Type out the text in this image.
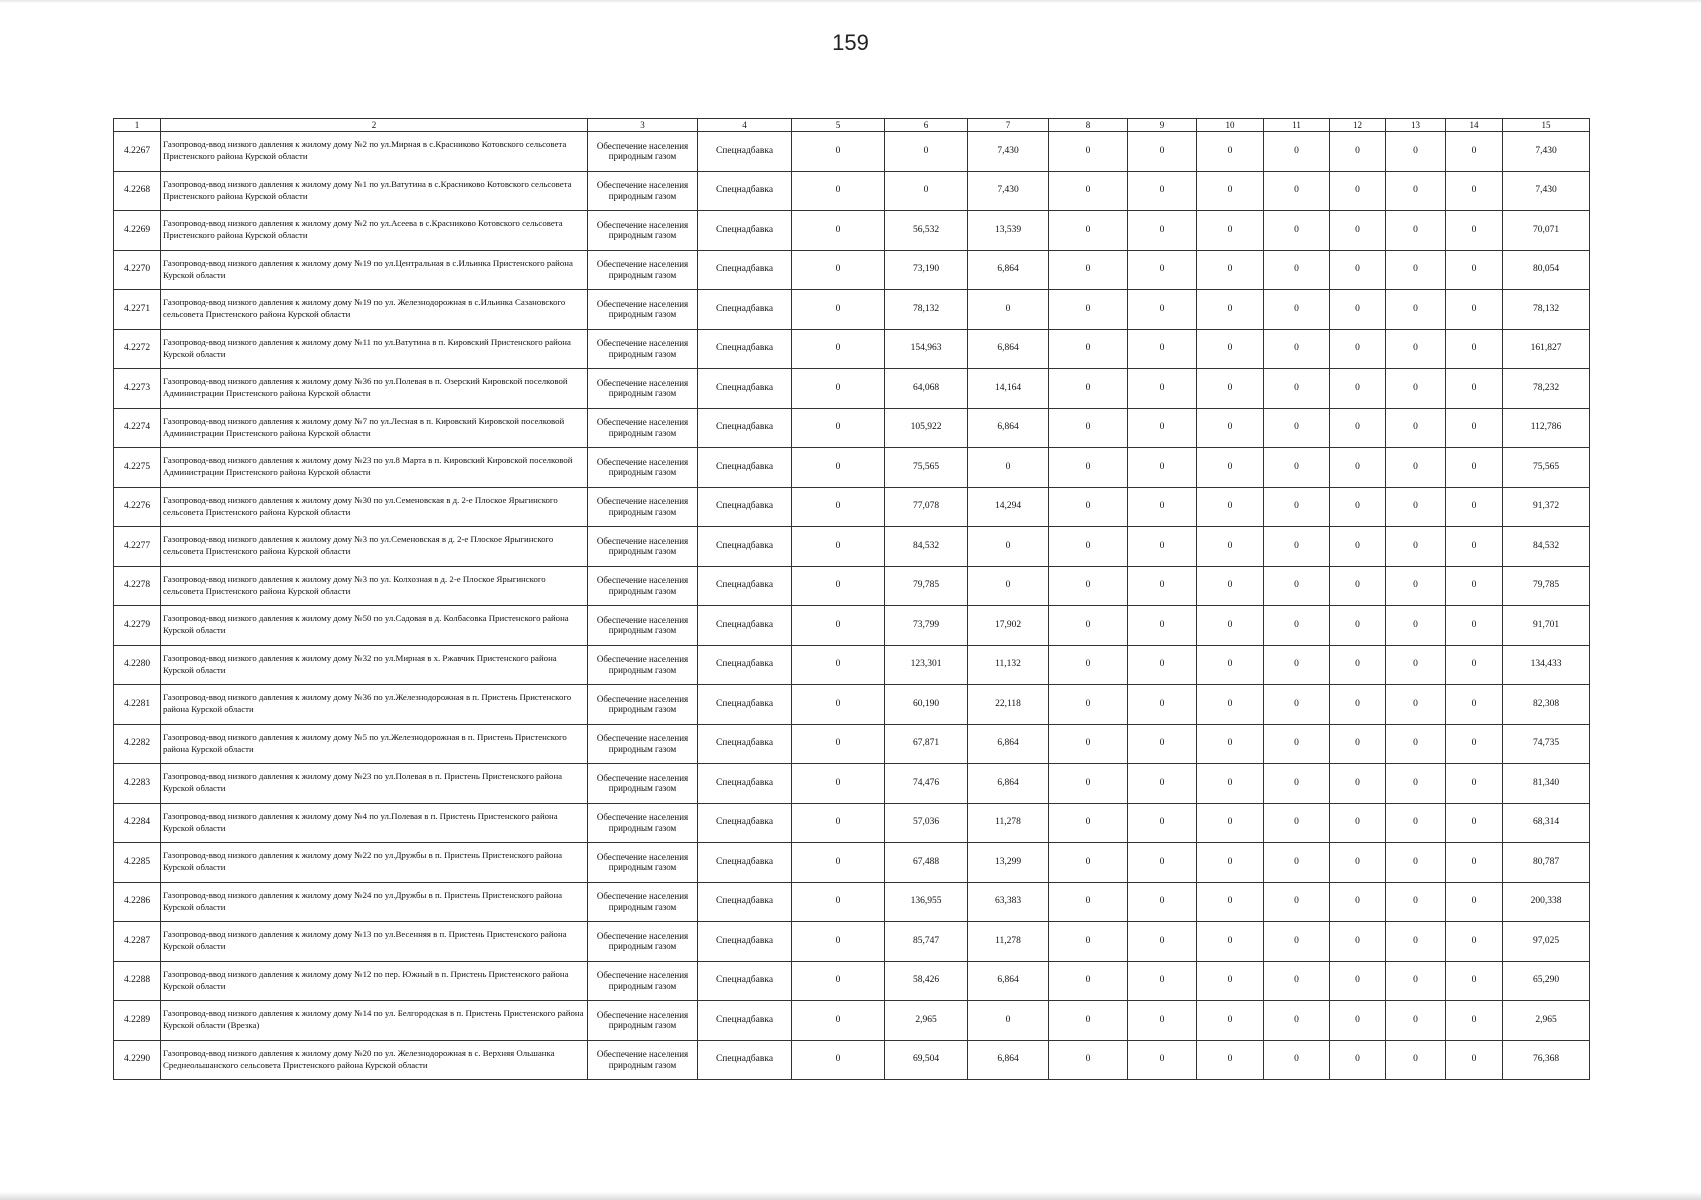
159
1	2	3	4	5	6	7	8	9	10	11	12	13	14	15
4.2267	Газопровод-ввод низкого давления к жилому дому №2 по ул.Мирная в с.Красниково Котовского сельсовета Пристенского района Курской области	Обеспечение населения природным газом	Спецнадбавка	0	0	7,430	0	0	0	0	0	0	0	7,430
4.2268	Газопровод-ввод низкого давления к жилому дому №1 по ул.Ватутина в с.Красниково Котовского сельсовета Пристенского района Курской области	Обеспечение населения природным газом	Спецнадбавка	0	0	7,430	0	0	0	0	0	0	0	7,430
4.2269	Газопровод-ввод низкого давления к жилому дому №2 по ул.Асеева в с.Красниково Котовского сельсовета Пристенского района Курской области	Обеспечение населения природным газом	Спецнадбавка	0	56,532	13,539	0	0	0	0	0	0	0	70,071
4.2270	Газопровод-ввод низкого давления к жилому дому №19 по ул.Центральная в с.Ильинка Пристенского района Курской области	Обеспечение населения природным газом	Спецнадбавка	0	73,190	6,864	0	0	0	0	0	0	0	80,054
4.2271	Газопровод-ввод низкого давления к жилому дому №19 по ул. Железнодорожная в с.Ильинка Сазановского сельсовета Пристенского района Курской области	Обеспечение населения природным газом	Спецнадбавка	0	78,132	0	0	0	0	0	0	0	0	78,132
4.2272	Газопровод-ввод низкого давления к жилому дому №11 по ул.Ватутина в п. Кировский Пристенского района Курской области	Обеспечение населения природным газом	Спецнадбавка	0	154,963	6,864	0	0	0	0	0	0	0	161,827
4.2273	Газопровод-ввод низкого давления к жилому дому №36 по ул.Полевая в п. Озерский Кировской поселковой Администрации Пристенского района Курской области	Обеспечение населения природным газом	Спецнадбавка	0	64,068	14,164	0	0	0	0	0	0	0	78,232
4.2274	Газопровод-ввод низкого давления к жилому дому №7 по ул.Лесная в п. Кировский Кировской поселковой Администрации Пристенского района Курской области	Обеспечение населения природным газом	Спецнадбавка	0	105,922	6,864	0	0	0	0	0	0	0	112,786
4.2275	Газопровод-ввод низкого давления к жилому дому №23 по ул.8 Марта в п. Кировский Кировской поселковой Администрации Пристенского района Курской области	Обеспечение населения природным газом	Спецнадбавка	0	75,565	0	0	0	0	0	0	0	0	75,565
4.2276	Газопровод-ввод низкого давления к жилому дому №30 по ул.Семеновская в д. 2-е Плоское Ярыгинского сельсовета Пристенского района Курской области	Обеспечение населения природным газом	Спецнадбавка	0	77,078	14,294	0	0	0	0	0	0	0	91,372
4.2277	Газопровод-ввод низкого давления к жилому дому №3 по ул.Семеновская в д. 2-е Плоское Ярыгинского сельсовета Пристенского района Курской области	Обеспечение населения природным газом	Спецнадбавка	0	84,532	0	0	0	0	0	0	0	0	84,532
4.2278	Газопровод-ввод низкого давления к жилому дому №3 по ул. Колхозная в д. 2-е Плоское Ярыгинского сельсовета Пристенского района Курской области	Обеспечение населения природным газом	Спецнадбавка	0	79,785	0	0	0	0	0	0	0	0	79,785
4.2279	Газопровод-ввод низкого давления к жилому дому №50 по ул.Садовая в д. Колбасовка Пристенского района Курской области	Обеспечение населения природным газом	Спецнадбавка	0	73,799	17,902	0	0	0	0	0	0	0	91,701
4.2280	Газопровод-ввод низкого давления к жилому дому №32 по ул.Мирная в х. Ржавчик Пристенского района Курской области	Обеспечение населения природным газом	Спецнадбавка	0	123,301	11,132	0	0	0	0	0	0	0	134,433
4.2281	Газопровод-ввод низкого давления к жилому дому №36 по ул.Железнодорожная в п. Пристень Пристенского района Курской области	Обеспечение населения природным газом	Спецнадбавка	0	60,190	22,118	0	0	0	0	0	0	0	82,308
4.2282	Газопровод-ввод низкого давления к жилому дому №5 по ул.Железнодорожная в п. Пристень Пристенского района Курской области	Обеспечение населения природным газом	Спецнадбавка	0	67,871	6,864	0	0	0	0	0	0	0	74,735
4.2283	Газопровод-ввод низкого давления к жилому дому №23 по ул.Полевая в п. Пристень Пристенского района Курской области	Обеспечение населения природным газом	Спецнадбавка	0	74,476	6,864	0	0	0	0	0	0	0	81,340
4.2284	Газопровод-ввод низкого давления к жилому дому №4 по ул.Полевая в п. Пристень Пристенского района Курской области	Обеспечение населения природным газом	Спецнадбавка	0	57,036	11,278	0	0	0	0	0	0	0	68,314
4.2285	Газопровод-ввод низкого давления к жилому дому №22 по ул.Дружбы в п. Пристень Пристенского района Курской области	Обеспечение населения природным газом	Спецнадбавка	0	67,488	13,299	0	0	0	0	0	0	0	80,787
4.2286	Газопровод-ввод низкого давления к жилому дому №24 по ул.Дружбы в п. Пристень Пристенского района Курской области	Обеспечение населения природным газом	Спецнадбавка	0	136,955	63,383	0	0	0	0	0	0	0	200,338
4.2287	Газопровод-ввод низкого давления к жилому дому №13 по ул.Весенняя в п. Пристень Пристенского района Курской области	Обеспечение населения природным газом	Спецнадбавка	0	85,747	11,278	0	0	0	0	0	0	0	97,025
4.2288	Газопровод-ввод низкого давления к жилому дому №12 по пер. Южный в п. Пристень Пристенского района Курской области	Обеспечение населения природным газом	Спецнадбавка	0	58,426	6,864	0	0	0	0	0	0	0	65,290
4.2289	Газопровод-ввод низкого давления к жилому дому №14 по ул. Белгородская в п. Пристень Пристенского района Курской области (Врезка)	Обеспечение населения природным газом	Спецнадбавка	0	2,965	0	0	0	0	0	0	0	0	2,965
4.2290	Газопровод-ввод низкого давления к жилому дому №20 по ул. Железнодорожная в с. Верхняя Ольшанка Среднеольшанского сельсовета Пристенского района Курской области	Обеспечение населения природным газом	Спецнадбавка	0	69,504	6,864	0	0	0	0	0	0	0	76,368
